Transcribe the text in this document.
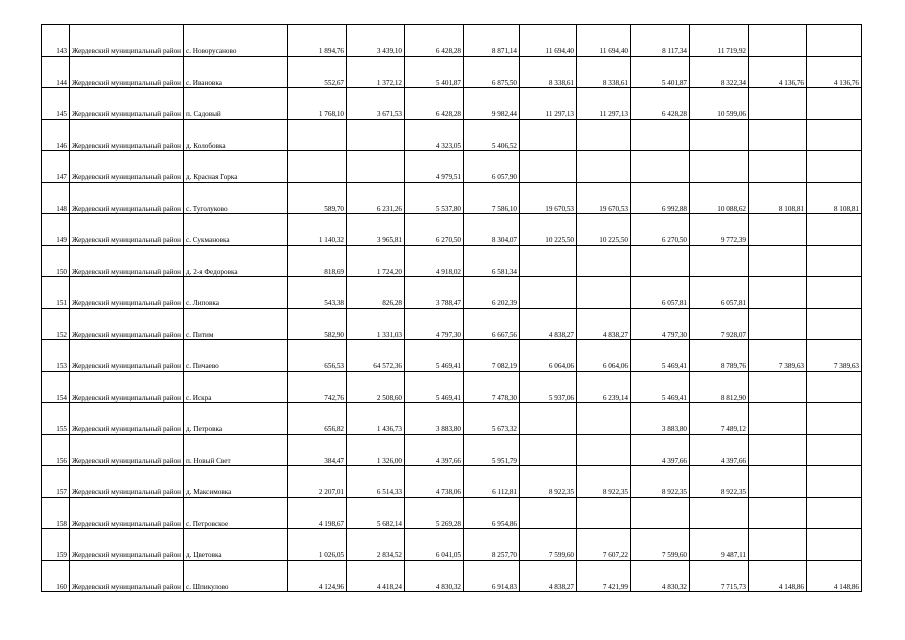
143	Жердевский муниципальный район	с. Новорусаново	1 894,76	3 439,10	6 428,28	8 871,14	11 694,40	11 694,40	8 117,34	11 719,92		
144	Жердевский муниципальный район	с. Ивановка	552,67	1 372,12	5 401,87	6 875,50	8 338,61	8 338,61	5 401,87	8 322,34	4 136,76	4 136,76
145	Жердевский муниципальный район	п. Садовый	1 768,10	3 671,53	6 428,28	9 982,44	11 297,13	11 297,13	6 428,28	10 599,06		
146	Жердевский муниципальный район	д. Колобовка			4 323,05	5 406,52						
147	Жердевский муниципальный район	д. Красная Горка			4 979,51	6 057,90						
148	Жердевский муниципальный район	с. Туголуково	589,70	6 231,26	5 537,80	7 586,10	19 670,53	19 670,53	6 992,88	10 088,62	8 108,81	8 108,81
149	Жердевский муниципальный район	с. Сукмановка	1 140,32	3 965,81	6 270,50	8 304,07	10 225,50	10 225,50	6 270,50	9 772,39		
150	Жердевский муниципальный район	д. 2-я Федоровка	818,69	1 724,20	4 918,02	6 581,34						
151	Жердевский муниципальный район	с. Липовка	543,38	826,28	3 788,47	6 202,39			6 057,81	6 057,81		
152	Жердевский муниципальный район	с. Питим	582,90	1 331,03	4 797,30	6 667,56	4 838,27	4 838,27	4 797,30	7 928,07		
153	Жердевский муниципальный район	с. Пичаево	656,53	64 572,36	5 469,41	7 082,19	6 064,06	6 064,06	5 469,41	8 789,76	7 389,63	7 389,63
154	Жердевский муниципальный район	с. Искра	742,76	2 508,60	5 469,41	7 478,30	5 937,06	6 239,14	5 469,41	8 812,90		
155	Жердевский муниципальный район	д. Петровка	656,82	1 436,73	3 883,80	5 673,32			3 883,80	7 489,12		
156	Жердевский муниципальный район	п. Новый Свет	384,47	1 326,00	4 397,66	5 951,79			4 397,66	4 397,66		
157	Жердевский муниципальный район	д. Максимовка	2 207,01	6 514,33	4 738,06	6 112,81	8 922,35	8 922,35	8 922,35	8 922,35		
158	Жердевский муниципальный район	с. Петровское	4 198,67	5 682,14	5 269,28	6 954,86						
159	Жердевский муниципальный район	д. Цветовка	1 026,05	2 834,52	6 041,05	8 257,70	7 599,60	7 607,22	7 599,60	9 487,11		
160	Жердевский муниципальный район	с. Шпикулово	4 124,96	4 418,24	4 830,32	6 914,83	4 838,27	7 421,99	4 830,32	7 715,73	4 148,86	4 148,86
